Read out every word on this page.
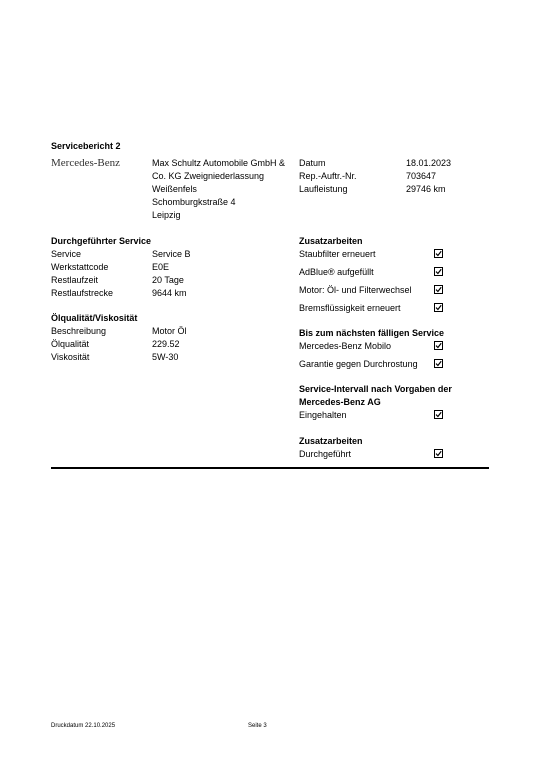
Servicebericht 2
Mercedes-Benz	Max Schultz Automobile GmbH &
Co. KG Zweigniederlassung
Weißenfels
Schomburgkstraße 4
Leipzig
Datum	18.01.2023
Rep.-Auftr.-Nr.	703647
Laufleistung	29746 km
Durchgeführter Service
Service	Service B
Werkstattcode	E0E
Restlaufzeit	20 Tage
Restlaufstrecke	9644 km
Ölqualität/Viskosität
Beschreibung	Motor Öl
Ölqualität	229.52
Viskosität	5W-30
Zusatzarbeiten
Staubfilter erneuert
AdBlue® aufgefüllt
Motor: Öl- und Filterwechsel
Bremsflüssigkeit erneuert
Bis zum nächsten fälligen Service
Mercedes-Benz Mobilo
Garantie gegen Durchrostung
Service-Intervall nach Vorgaben der
Mercedes-Benz AG
Eingehalten
Zusatzarbeiten
Durchgeführt
Druckdatum 22.10.2025	Seite 3
